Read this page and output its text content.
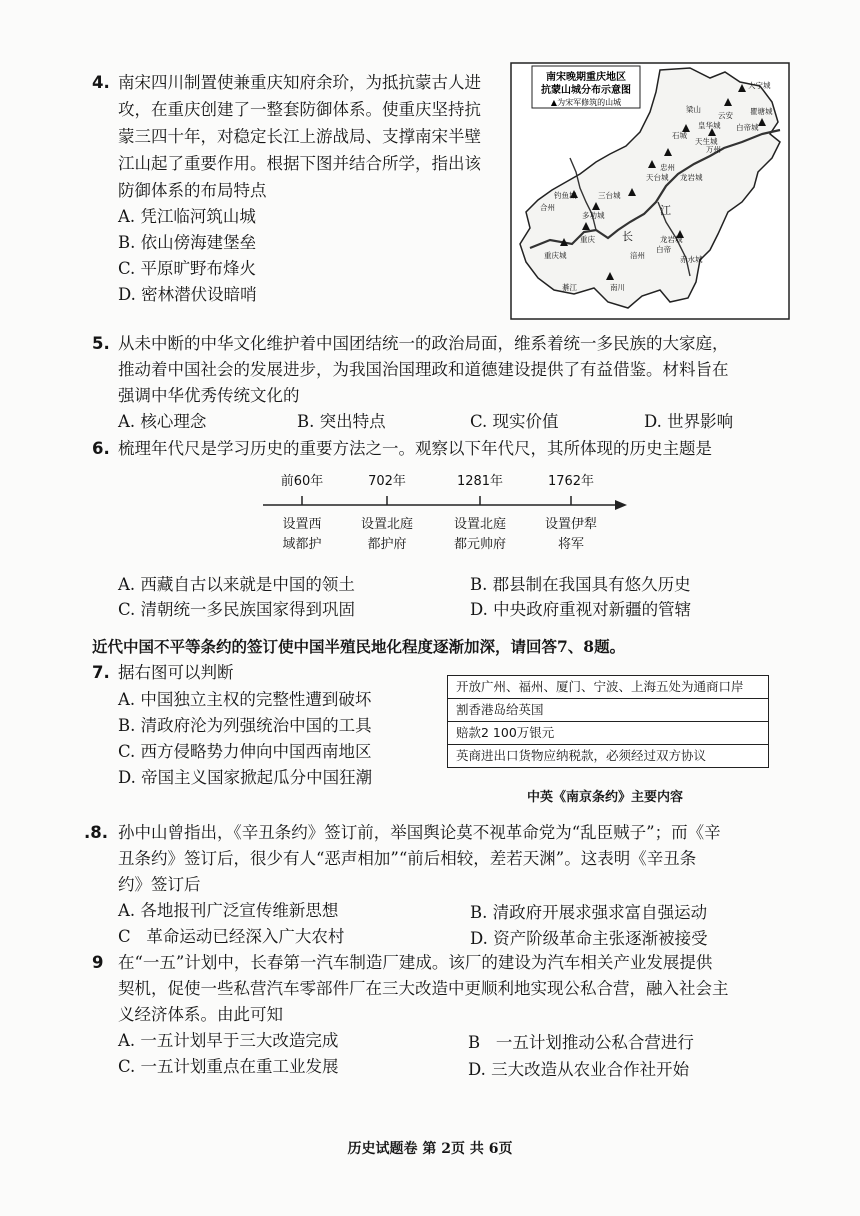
4. 南宋四川制置使兼重庆知府余玠，为抵抗蒙古人进
攻，在重庆创建了一整套防御体系。使重庆坚持抗
蒙三四十年，对稳定长江上游战局、支撑南宋半壁
江山起了重要作用。根据下图并结合所学，指出该
防御体系的布局特点
A. 凭江临河筑山城
B. 依山傍海建堡垒
C. 平原旷野布烽火
D. 密林潜伏设暗哨
南宋晚期重庆地区
抗蒙山城分布示意图
▲为宋军修筑的山城
大宁城
天生城
瞿塘城
石城
皇华城 白帝城
云安
万州
天台城
忠州
龙岩城
合州
钓鱼城	三台城
多功城
重庆城
重庆 长
江
涪州
南川
龙岩城
綦江
赤水城
白帝
梁山
5. 从未中断的中华文化维护着中国团结统一的政治局面，维系着统一多民族的大家庭，
推动着中国社会的发展进步，为我国治国理政和道德建设提供了有益借鉴。材料旨在
强调中华优秀传统文化的
A. 核心理念	B. 突出特点	C. 现实价值	D. 世界影响
6. 梳理年代尺是学习历史的重要方法之一。观察以下年代尺，其所体现的历史主题是
前60年	702年	1281年	1762年
设置西
域都护
设置北庭
都护府
设置北庭
都元帅府
设置伊犁
将军
A. 西藏自古以来就是中国的领土	B. 郡县制在我国具有悠久历史
C. 清朝统一多民族国家得到巩固	D. 中央政府重视对新疆的管辖
近代中国不平等条约的签订使中国半殖民地化程度逐渐加深，请回答7、8题。
7. 据右图可以判断
A. 中国独立主权的完整性遭到破坏
B. 清政府沦为列强统治中国的工具
C. 西方侵略势力伸向中国西南地区
D. 帝国主义国家掀起瓜分中国狂潮
开放广州、福州、厦门、宁波、上海五处为通商口岸
割香港岛给英国
赔款2 100万银元
英商进出口货物应纳税款，必须经过双方协议
中英《南京条约》主要内容
.8. 孙中山曾指出，《辛丑条约》签订前，举国舆论莫不视革命党为“乱臣贼子”；而《辛
丑条约》签订后，很少有人“恶声相加”“前后相较，差若天渊”。这表明《辛丑条
约》签订后
A. 各地报刊广泛宣传维新思想	B. 清政府开展求强求富自强运动
C 革命运动已经深入广大农村	D. 资产阶级革命主张逐渐被接受
9 在“一五”计划中，长春第一汽车制造厂建成。该厂的建设为汽车相关产业发展提供
契机，促使一些私营汽车零部件厂在三大改造中更顺利地实现公私合营，融入社会主
义经济体系。由此可知
A. 一五计划早于三大改造完成	B 一五计划推动公私合营进行
C. 一五计划重点在重工业发展	D. 三大改造从农业合作社开始
历史试题卷 第 2页 共 6页
